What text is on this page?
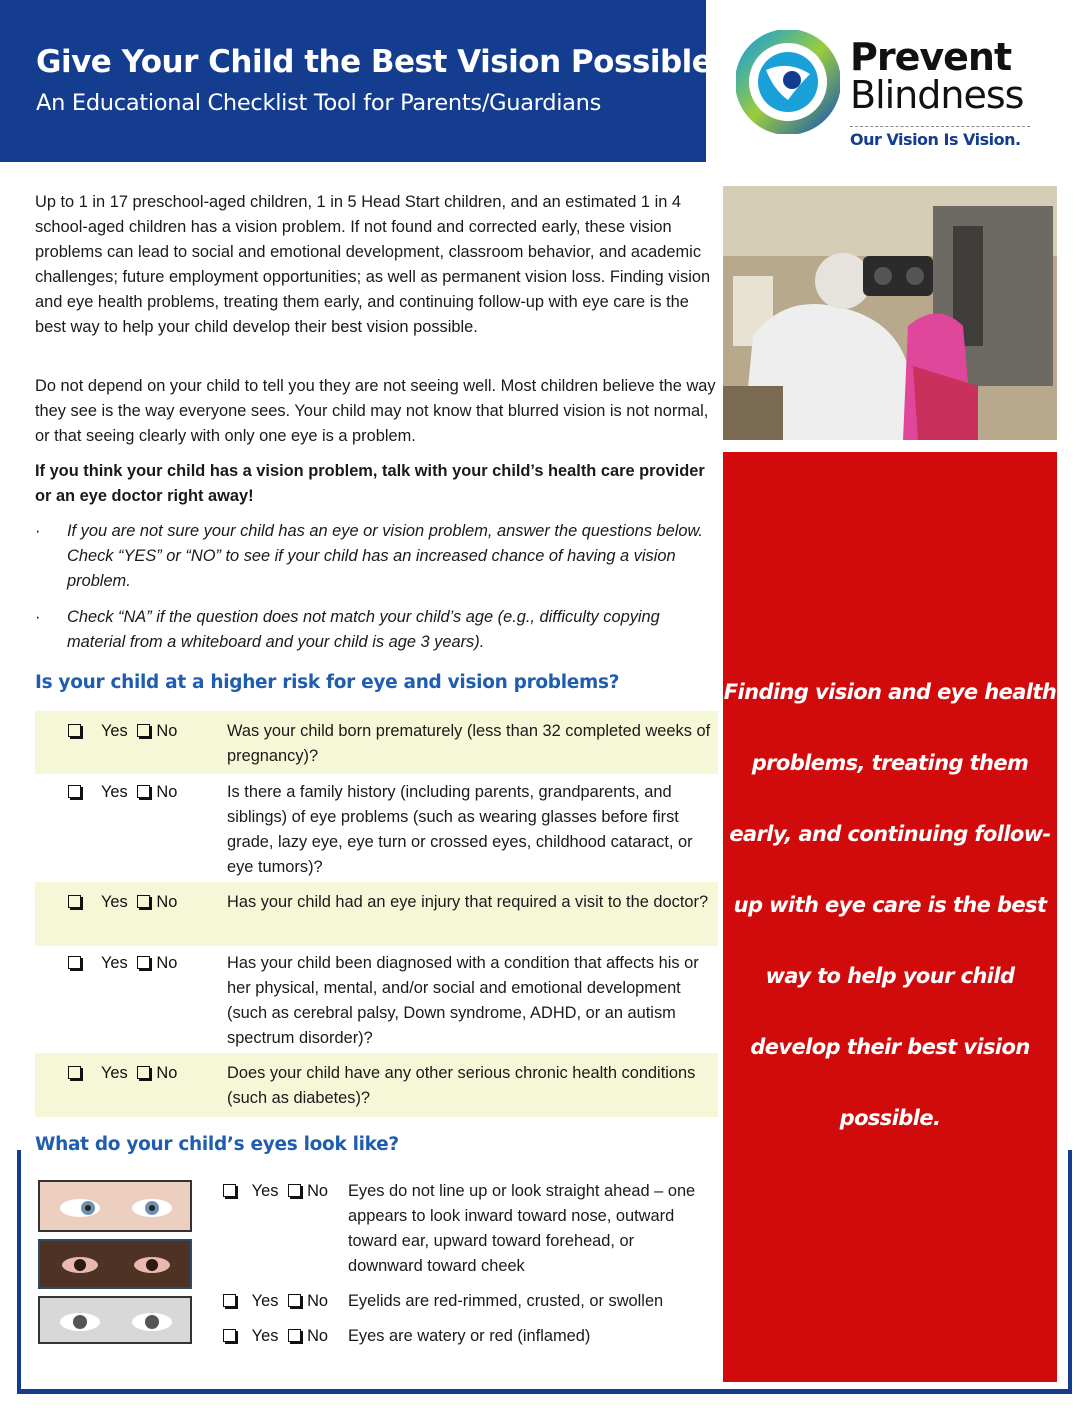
Give Your Child the Best Vision Possible
An Educational Checklist Tool for Parents/Guardians
Prevent
Blindness
Our Vision Is Vision.
Up to 1 in 17 preschool-aged children, 1 in 5 Head Start children, and an estimated 1 in 4 school-aged children has a vision problem. If not found and corrected early, these vision problems can lead to social and emotional development, classroom behavior, and academic challenges; future employment opportunities; as well as permanent vision loss. Finding vision and eye health problems, treating them early, and continuing follow-up with eye care is the best way to help your child develop their best vision possible.
Do not depend on your child to tell you they are not seeing well. Most children believe the way they see is the way everyone sees. Your child may not know that blurred vision is not normal, or that seeing clearly with only one eye is a problem.
If you think your child has a vision problem, talk with your child’s health care provider or an eye doctor right away!
· If you are not sure your child has an eye or vision problem, answer the questions below. Check “YES” or “NO” to see if your child has an increased chance of having a vision problem.
· Check “NA” if the question does not match your child’s age (e.g., difficulty copying material from a whiteboard and your child is age 3 years).
Is your child at a higher risk for eye and vision problems?
Yes No	Was your child born prematurely (less than 32 completed weeks of pregnancy)?
Yes No	Is there a family history (including parents, grandparents, and siblings) of eye problems (such as wearing glasses before first grade, lazy eye, eye turn or crossed eyes, childhood cataract, or eye tumors)?
Yes No	Has your child had an eye injury that required a visit to the doctor?
Yes No	Has your child been diagnosed with a condition that affects his or her physical, mental, and/or social and emotional development (such as cerebral palsy, Down syndrome, ADHD, or an autism spectrum disorder)?
Yes No	Does your child have any other serious chronic health conditions (such as diabetes)?
What do your child’s eyes look like?
Yes No Eyes do not line up or look straight ahead – one appears to look inward toward nose, outward toward ear, upward toward forehead, or downward toward cheek
Yes No Eyelids are red-rimmed, crusted, or swollen
Yes No Eyes are watery or red (inflamed)
Finding vision and eye health problems, treating them early, and continuing follow-up with eye care is the best way to help your child develop their best vision possible.
